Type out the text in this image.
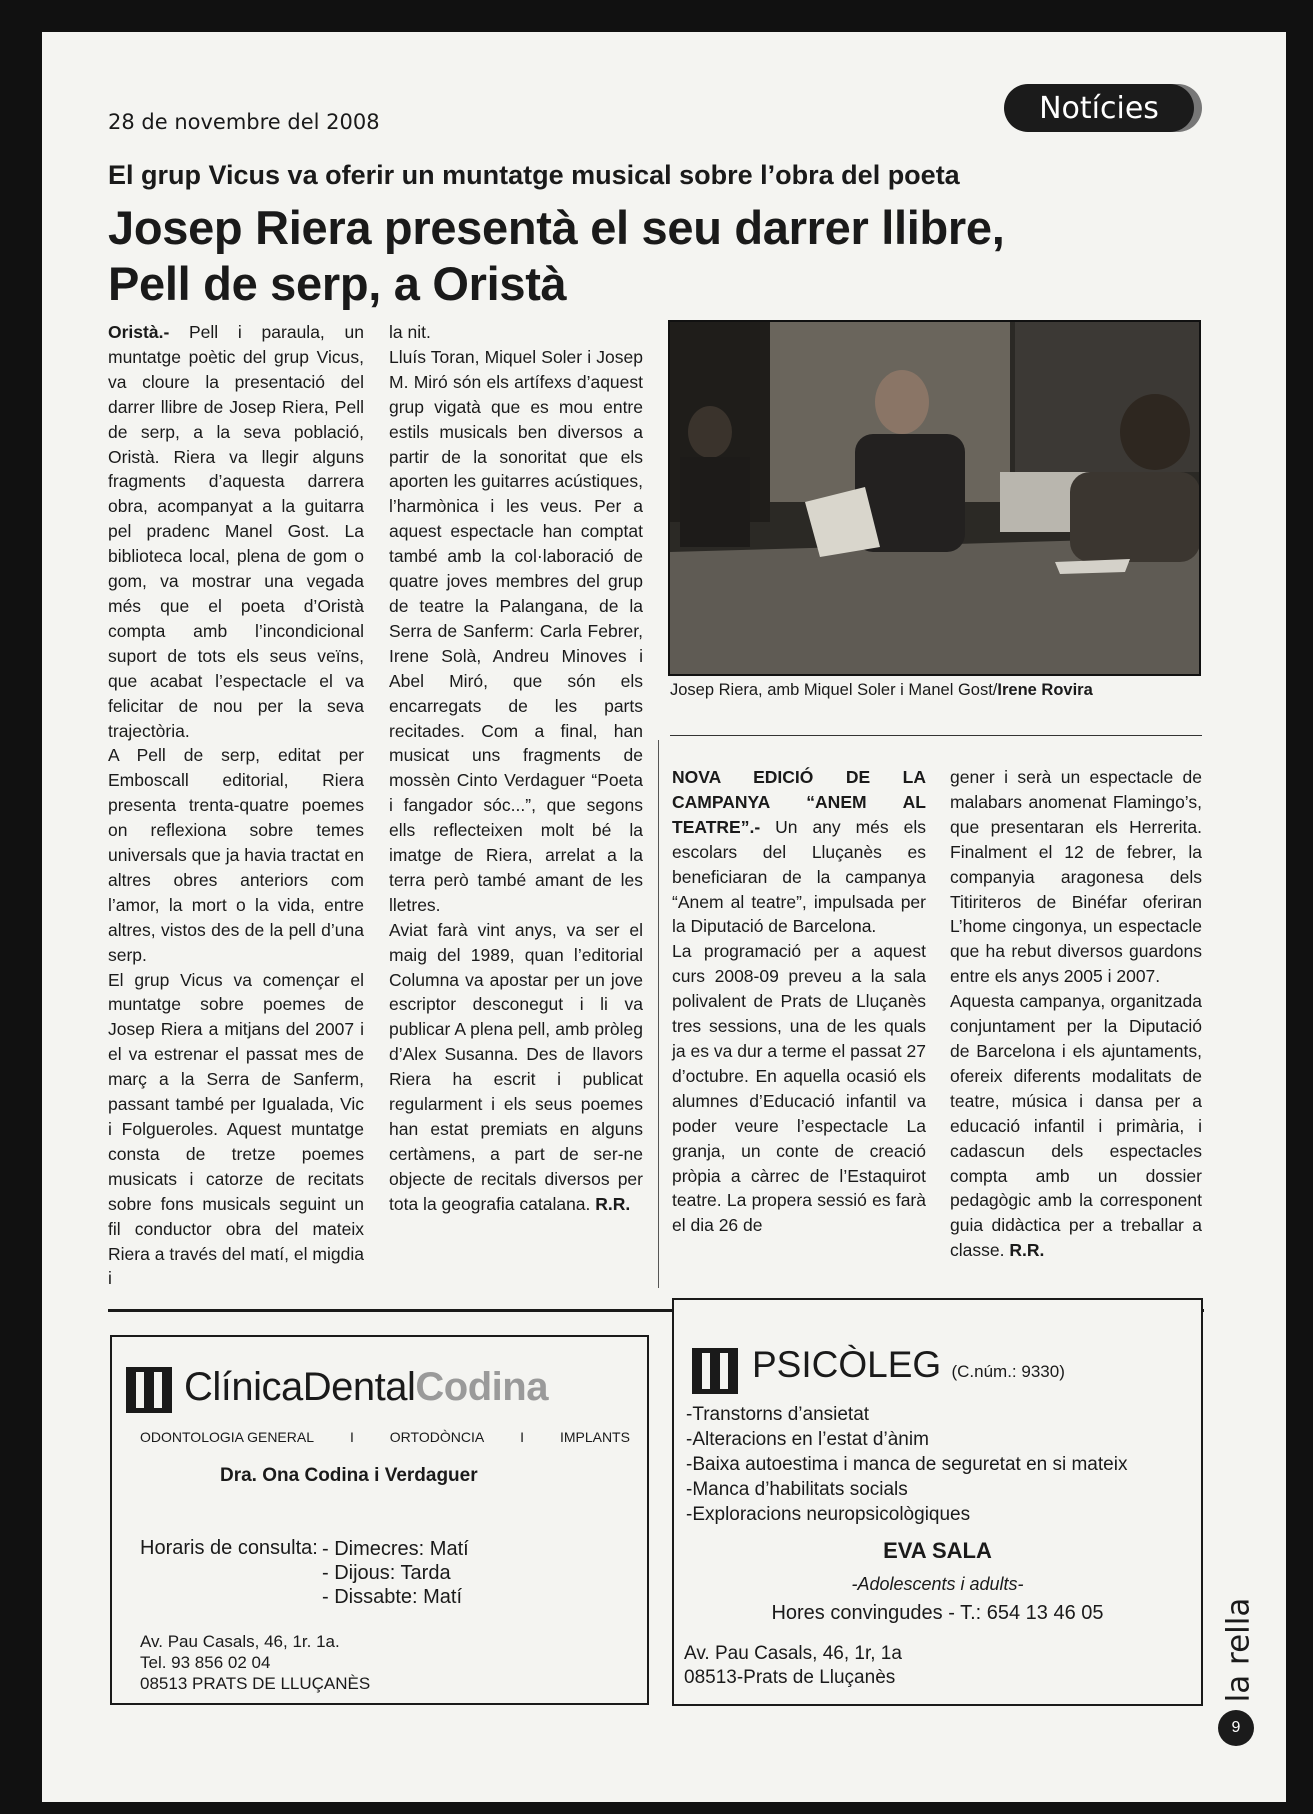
28 de novembre del 2008	Notícies
El grup Vicus va oferir un muntatge musical sobre l’obra del poeta
Josep Riera presentà el seu darrer llibre, Pell de serp, a Oristà

Oristà.- Pell i paraula, un muntatge poètic del grup Vicus, va cloure la presentació del darrer llibre de Josep Riera, Pell de serp, a la seva població, Oristà. Riera va llegir alguns fragments d’aquesta darrera obra, acompanyat a la guitarra pel pradenc Manel Gost. La biblioteca local, plena de gom o gom, va mostrar una vegada més que el poeta d’Oristà compta amb l’incondicional suport de tots els seus veïns, que acabat l’espectacle el va felicitar de nou per la seva trajectòria.

A Pell de serp, editat per Emboscall editorial, Riera presenta trenta-quatre poemes on reflexiona sobre temes universals que ja havia tractat en altres obres anteriors com l’amor, la mort o la vida, entre altres, vistos des de la pell d’una serp.

El grup Vicus va començar el muntatge sobre poemes de Josep Riera a mitjans del 2007 i el va estrenar el passat mes de març a la Serra de Sanferm, passant també per Igualada, Vic i Folgueroles. Aquest muntatge consta de tretze poemes musicats i catorze de recitats sobre fons musicals seguint un fil conductor obra del mateix Riera a través del matí, el migdia i

la nit.

Lluís Toran, Miquel Soler i Josep M. Miró són els artífexs d’aquest grup vigatà que es mou entre estils musicals ben diversos a partir de la sonoritat que els aporten les guitarres acústiques, l’harmònica i les veus. Per a aquest espectacle han comptat també amb la col·laboració de quatre joves membres del grup de teatre la Palangana, de la Serra de Sanferm: Carla Febrer, Irene Solà, Andreu Minoves i Abel Miró, que són els encarregats de les parts recitades. Com a final, han musicat uns fragments de mossèn Cinto Verdaguer “Poeta i fangador sóc...”, que segons ells reflecteixen molt bé la imatge de Riera, arrelat a la terra però també amant de les lletres.

Aviat farà vint anys, va ser el maig del 1989, quan l’editorial Columna va apostar per un jove escriptor desconegut i li va publicar A plena pell, amb pròleg d’Alex Susanna. Des de llavors Riera ha escrit i publicat regularment i els seus poemes han estat premiats en alguns certàmens, a part de ser-ne objecte de recitals diversos per tota la geografia catalana. R.R.

Josep Riera, amb Miquel Soler i Manel Gost/Irene Rovira

NOVA EDICIÓ DE LA CAMPANYA “ANEM AL TEATRE”.- Un any més els escolars del Lluçanès es beneficiaran de la campanya “Anem al teatre”, impulsada per la Diputació de Barcelona.

La programació per a aquest curs 2008-09 preveu a la sala polivalent de Prats de Lluçanès tres sessions, una de les quals ja es va dur a terme el passat 27 d’octubre. En aquella ocasió els alumnes d’Educació infantil va poder veure l’espectacle La granja, un conte de creació pròpia a càrrec de l’Estaquirot teatre. La propera sessió es farà el dia 26 de

gener i serà un espectacle de malabars anomenat Flamingo’s, que presentaran els Herrerita. Finalment el 12 de febrer, la companyia aragonesa dels Titiriteros de Binéfar oferiran L’home cingonya, un espectacle que ha rebut diversos guardons entre els anys 2005 i 2007.

Aquesta campanya, organitzada conjuntament per la Diputació de Barcelona i els ajuntaments, ofereix diferents modalitats de teatre, música i dansa per a educació infantil i primària, i cadascun dels espectacles compta amb un dossier pedagògic amb la corresponent guia didàctica per a treballar a classe. R.R.

ClínicaDentalCodina
ODONTOLOGIA GENERAL	I	ORTODÒNCIA	I	IMPLANTS
Dra. Ona Codina i Verdaguer
Horaris de consulta: - Dimecres: Matí
- Dijous: Tarda
- Dissabte: Matí
Av. Pau Casals, 46, 1r. 1a.
Tel. 93 856 02 04
08513 PRATS DE LLUÇANÈS
PSICÒLEG (C.núm.: 9330)
-Transtorns d’ansietat
-Alteracions en l’estat d’ànim
-Baixa autoestima i manca de seguretat en si mateix
-Manca d’habilitats socials
-Exploracions neuropsicològiques
EVA SALA
-Adolescents i adults-
Hores convingudes - T.: 654 13 46 05
Av. Pau Casals, 46, 1r, 1a
08513-Prats de Lluçanès	la rella
9
